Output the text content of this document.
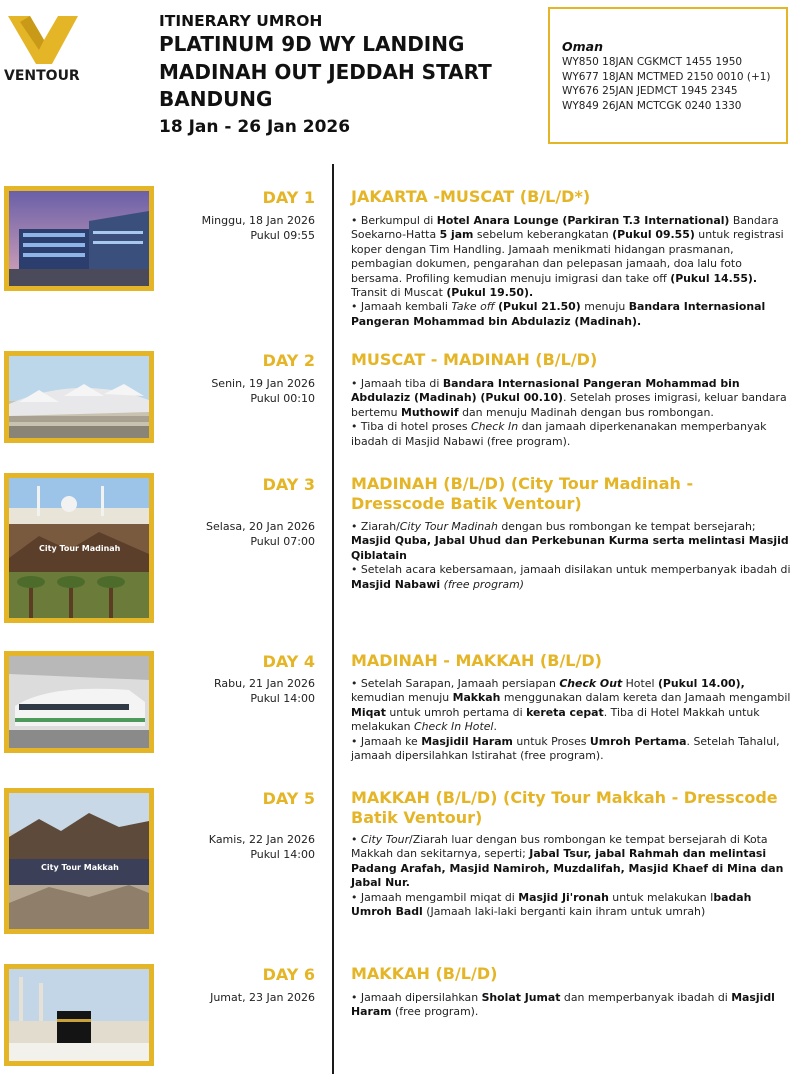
VENTOUR
ITINERARY UMROH
PLATINUM 9D WY LANDING
MADINAH OUT JEDDAH START
BANDUNG
18 Jan - 26 Jan 2026
Oman
WY850 18JAN CGKMCT 1455 1950
WY677 18JAN MCTMED 2150 0010 (+1)
WY676 25JAN JEDMCT 1945 2345
WY849 26JAN MCTCGK 0240 1330
DAY 1
Minggu, 18 Jan 2026
Pukul 09:55
JAKARTA -MUSCAT (B/L/D*)
• Berkumpul di Hotel Anara Lounge (Parkiran T.3 International) Bandara Soekarno-Hatta 5 jam sebelum keberangkatan (Pukul 09.55) untuk registrasi koper dengan Tim Handling. Jamaah menikmati hidangan prasmanan, pembagian dokumen, pengarahan dan pelepasan jamaah, doa lalu foto bersama. Profiling kemudian menuju imigrasi dan take off (Pukul 14.55). Transit di Muscat (Pukul 19.50).
• Jamaah kembali Take off (Pukul 21.50) menuju Bandara Internasional Pangeran Mohammad bin Abdulaziz (Madinah).
DAY 2
Senin, 19 Jan 2026
Pukul 00:10
MUSCAT - MADINAH (B/L/D)
• Jamaah tiba di Bandara Internasional Pangeran Mohammad bin Abdulaziz (Madinah) (Pukul 00.10). Setelah proses imigrasi, keluar bandara bertemu Muthowif dan menuju Madinah dengan bus rombongan.
• Tiba di hotel proses Check In dan jamaah diperkenanakan memperbanyak ibadah di Masjid Nabawi (free program).
City Tour Madinah
DAY 3
Selasa, 20 Jan 2026
Pukul 07:00
MADINAH (B/L/D) (City Tour Madinah - Dresscode Batik Ventour)
• Ziarah/City Tour Madinah dengan bus rombongan ke tempat bersejarah; Masjid Quba, Jabal Uhud dan Perkebunan Kurma serta melintasi Masjid Qiblatain
• Setelah acara kebersamaan, jamaah disilakan untuk memperbanyak ibadah di Masjid Nabawi (free program)
DAY 4
Rabu, 21 Jan 2026
Pukul 14:00
MADINAH - MAKKAH (B/L/D)
• Setelah Sarapan, Jamaah persiapan Check Out Hotel (Pukul 14.00), kemudian menuju Makkah menggunakan dalam kereta dan Jamaah mengambil Miqat untuk umroh pertama di kereta cepat. Tiba di Hotel Makkah untuk melakukan Check In Hotel.
• Jamaah ke Masjidil Haram untuk Proses Umroh Pertama. Setelah Tahalul, jamaah dipersilahkan Istirahat (free program).
City Tour Makkah
DAY 5
Kamis, 22 Jan 2026
Pukul 14:00
MAKKAH (B/L/D) (City Tour Makkah - Dresscode Batik Ventour)
• City Tour/Ziarah luar dengan bus rombongan ke tempat bersejarah di Kota Makkah dan sekitarnya, seperti; Jabal Tsur, jabal Rahmah dan melintasi Padang Arafah, Masjid Namiroh, Muzdalifah, Masjid Khaef di Mina dan Jabal Nur.
• Jamaah mengambil miqat di Masjid Ji'ronah untuk melakukan Ibadah Umroh Badl (Jamaah laki-laki berganti kain ihram untuk umrah)
DAY 6
Jumat, 23 Jan 2026
MAKKAH (B/L/D)
• Jamaah dipersilahkan Sholat Jumat dan memperbanyak ibadah di Masjidl Haram (free program).
